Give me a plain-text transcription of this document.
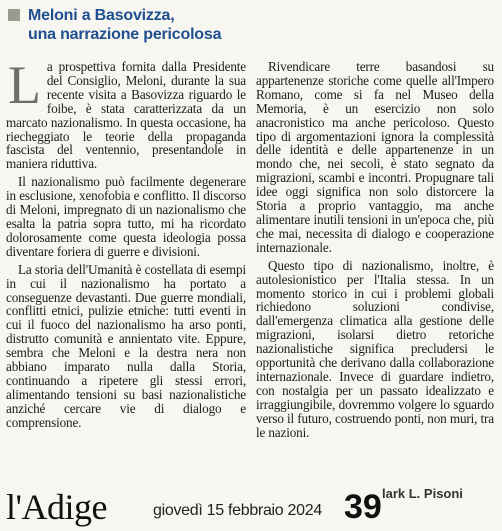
Meloni a Basovizza,
una narrazione pericolosa

La prospettiva fornita dalla Presidente del Consiglio, Meloni, durante la sua recente visita a Basovizza riguardo le foibe, è stata caratterizzata da un marcato nazionalismo. In questa occasione, ha riecheggiato le teorie della propaganda fascista del ventennio, presentandole in maniera riduttiva.

Il nazionalismo può facilmente degenerare in esclusione, xenofobia e conflitto. Il discorso di Meloni, impregnato di un nazionalismo che esalta la patria sopra tutto, mi ha ricordato dolorosamente come questa ideologia possa diventare foriera di guerre e divisioni.

La storia dell'Umanità è costellata di esempi in cui il nazionalismo ha portato a conseguenze devastanti. Due guerre mondiali, conflitti etnici, pulizie etniche: tutti eventi in cui il fuoco del nazionalismo ha arso ponti, distrutto comunità e annientato vite. Eppure, sembra che Meloni e la destra nera non abbiano imparato nulla dalla Storia, continuando a ripetere gli stessi errori, alimentando tensioni su basi nazionalistiche anziché cercare vie di dialogo e comprensione.

Rivendicare terre basandosi su appartenenze storiche come quelle all'Impero Romano, come si fa nel Museo della Memoria, è un esercizio non solo anacronistico ma anche pericoloso. Questo tipo di argomentazioni ignora la complessità delle identità e delle appartenenze in un mondo che, nei secoli, è stato segnato da migrazioni, scambi e incontri. Propugnare tali idee oggi significa non solo distorcere la Storia a proprio vantaggio, ma anche alimentare inutili tensioni in un'epoca che, più che mai, necessita di dialogo e cooperazione internazionale.

Questo tipo di nazionalismo, inoltre, è autolesionistico per l'Italia stessa. In un momento storico in cui i problemi globali richiedono soluzioni condivise, dall'emergenza climatica alla gestione delle migrazioni, isolarsi dietro retoriche nazionalistiche significa precludersi le opportunità che derivano dalla collaborazione internazionale. Invece di guardare indietro, con nostalgia per un passato idealizzato e irraggiungibile, dovremmo volgere lo sguardo verso il futuro, costruendo ponti, non muri, tra le nazioni.

l'Adige	giovedì 15 febbraio 2024 39 lark L. Pisoni
